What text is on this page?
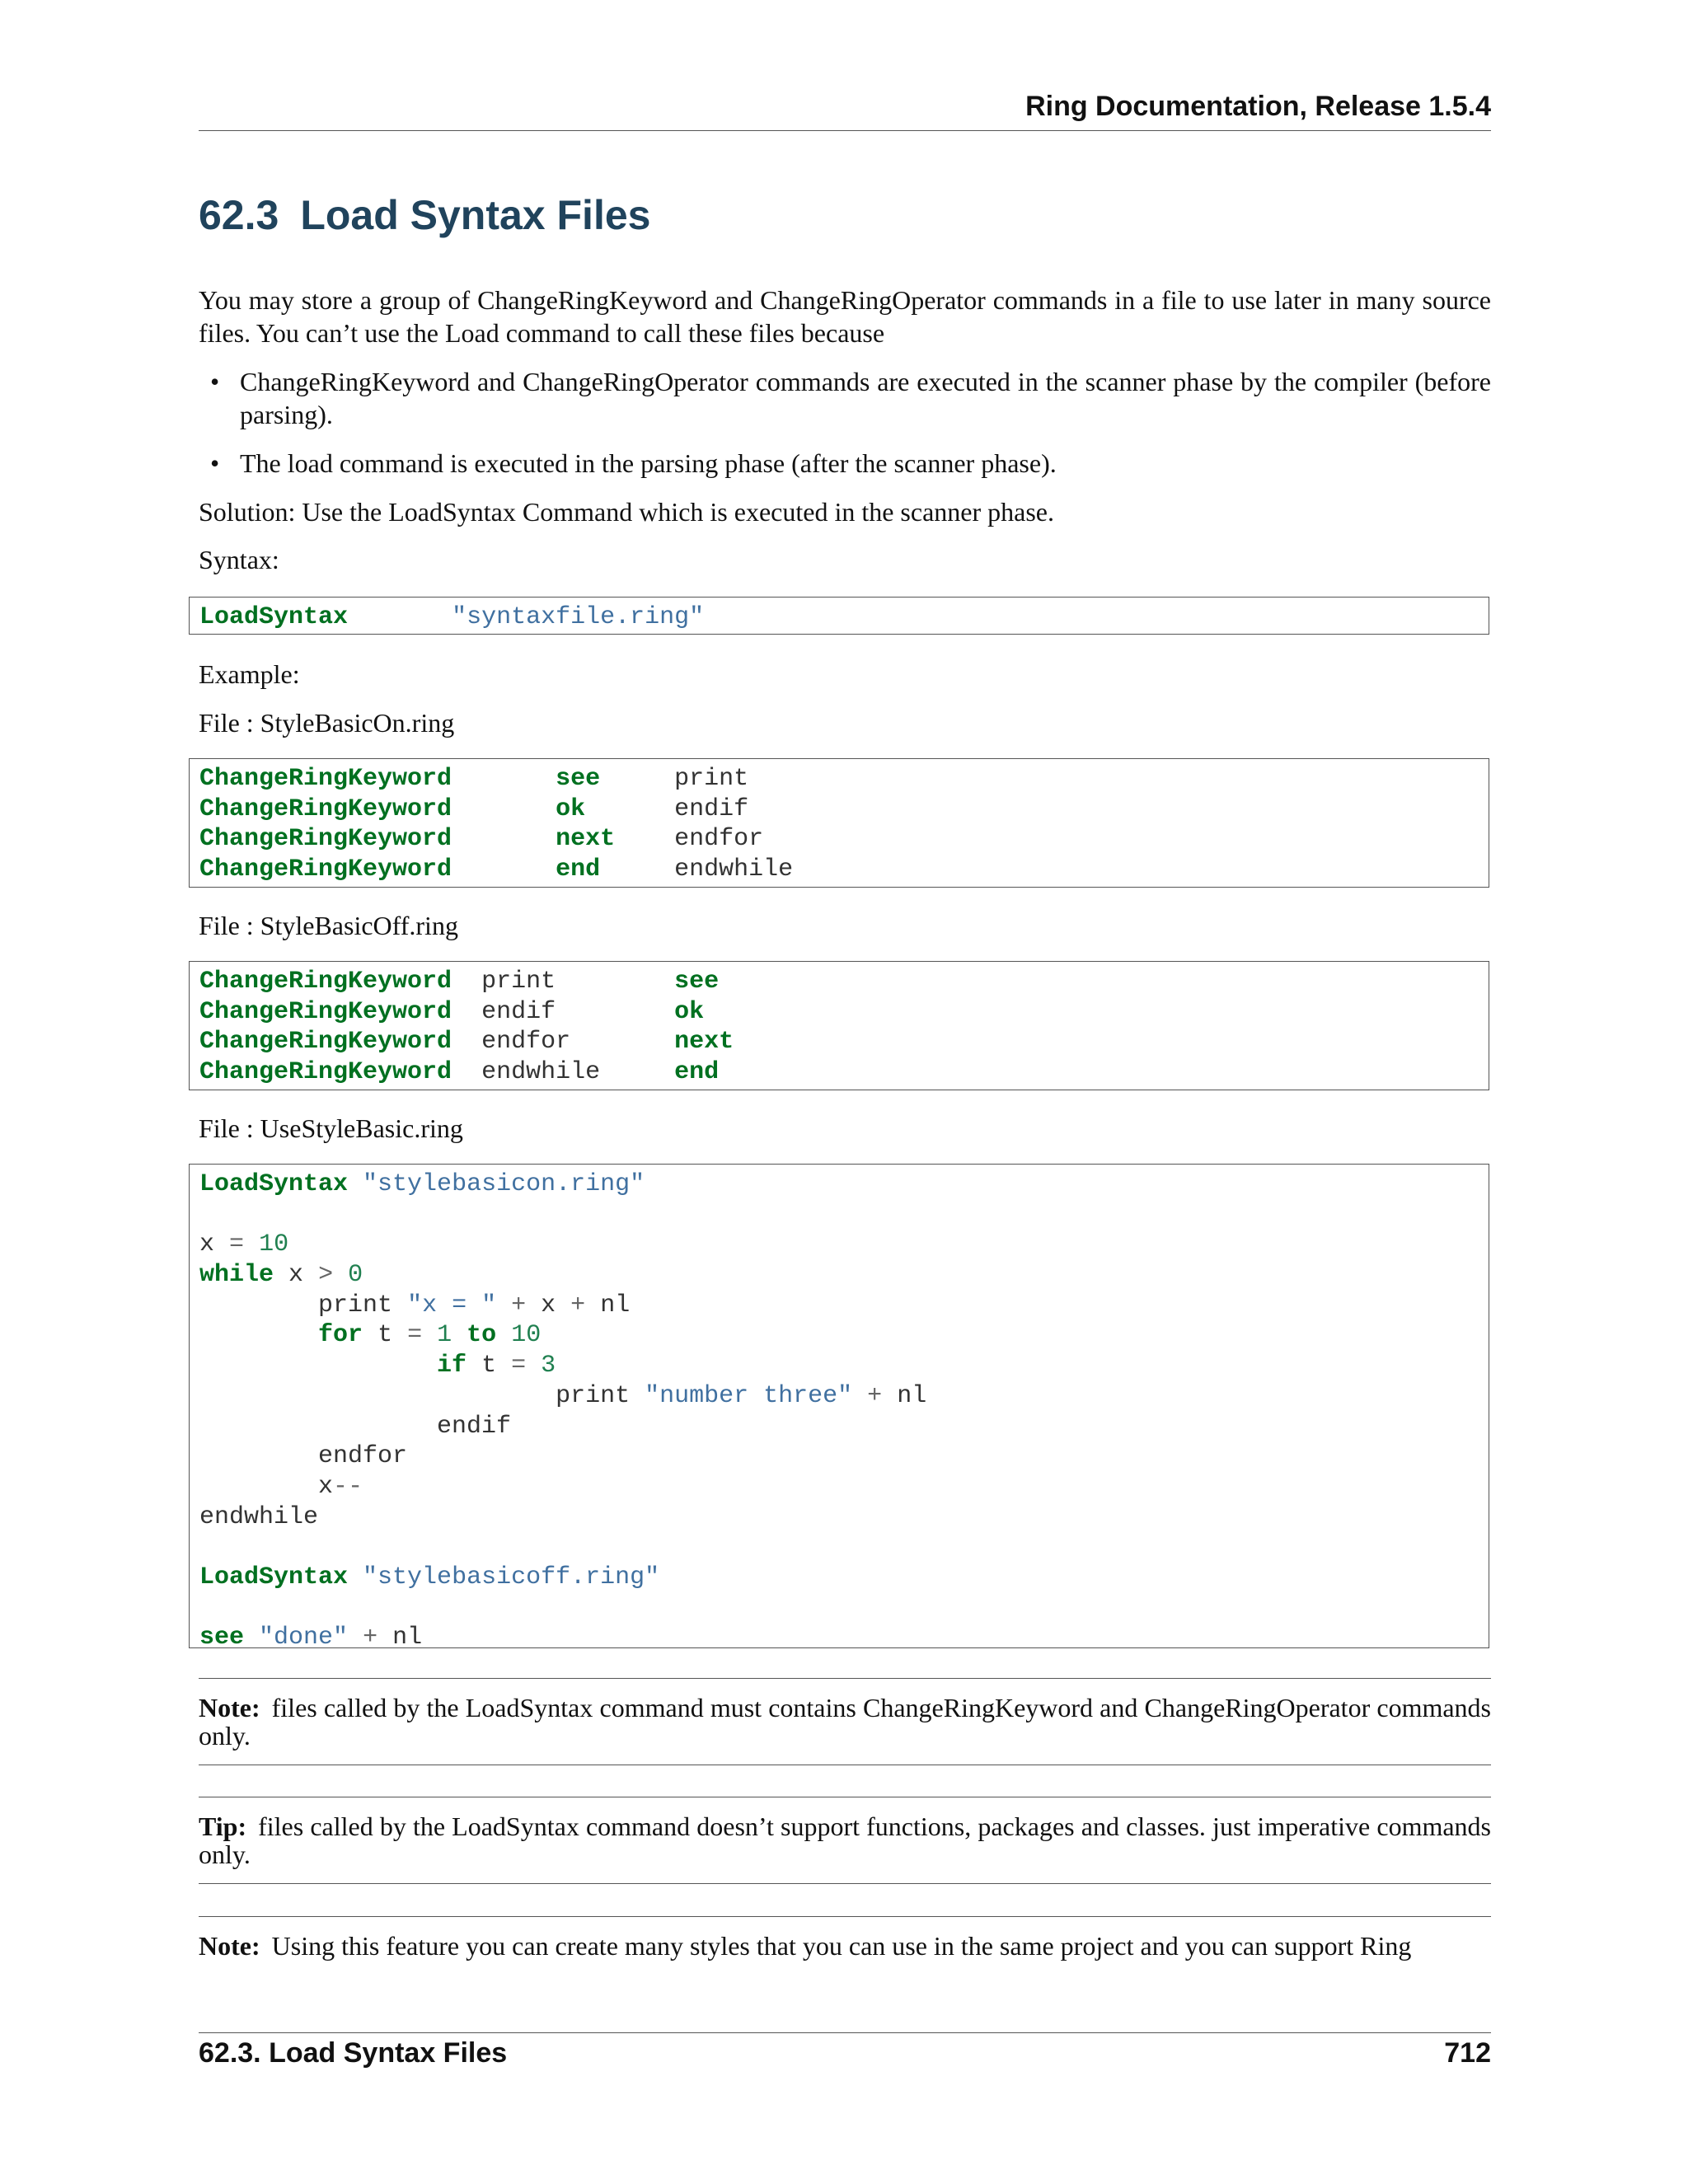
Ring Documentation, Release 1.5.4
62.3 Load Syntax Files

You may store a group of ChangeRingKeyword and ChangeRingOperator commands in a file to use later in many source files. You can’t use the Load command to call these files because

• ChangeRingKeyword and ChangeRingOperator commands are executed in the scanner phase by the compiler (before parsing).
• The load command is executed in the parsing phase (after the scanner phase).

Solution: Use the LoadSyntax Command which is executed in the scanner phase.

Syntax:

LoadSyntax	"syntaxfile.ring"

Example:

File : StyleBasicOn.ring

ChangeRingKeyword       see     print
ChangeRingKeyword       ok      endif
ChangeRingKeyword       next    endfor
ChangeRingKeyword       end     endwhile

File : StyleBasicOff.ring

ChangeRingKeyword  print        see
ChangeRingKeyword  endif        ok
ChangeRingKeyword  endfor       next
ChangeRingKeyword  endwhile     end

File : UseStyleBasic.ring

LoadSyntax "stylebasicon.ring"
x = 10
while x > 0
print "x = " + x + nl
for t = 1 to 10
if t = 3
print "number three" + nl
endif
endfor
x--
endwhile
LoadSyntax "stylebasicoff.ring"
see "done" + nl

Note: files called by the LoadSyntax command must contains ChangeRingKeyword and ChangeRingOperator commands only.

Tip: files called by the LoadSyntax command doesn’t support functions, packages and classes. just imperative commands only.

Note: Using this feature you can create many styles that you can use in the same project and you can support Ring

62.3. Load Syntax Files	712
